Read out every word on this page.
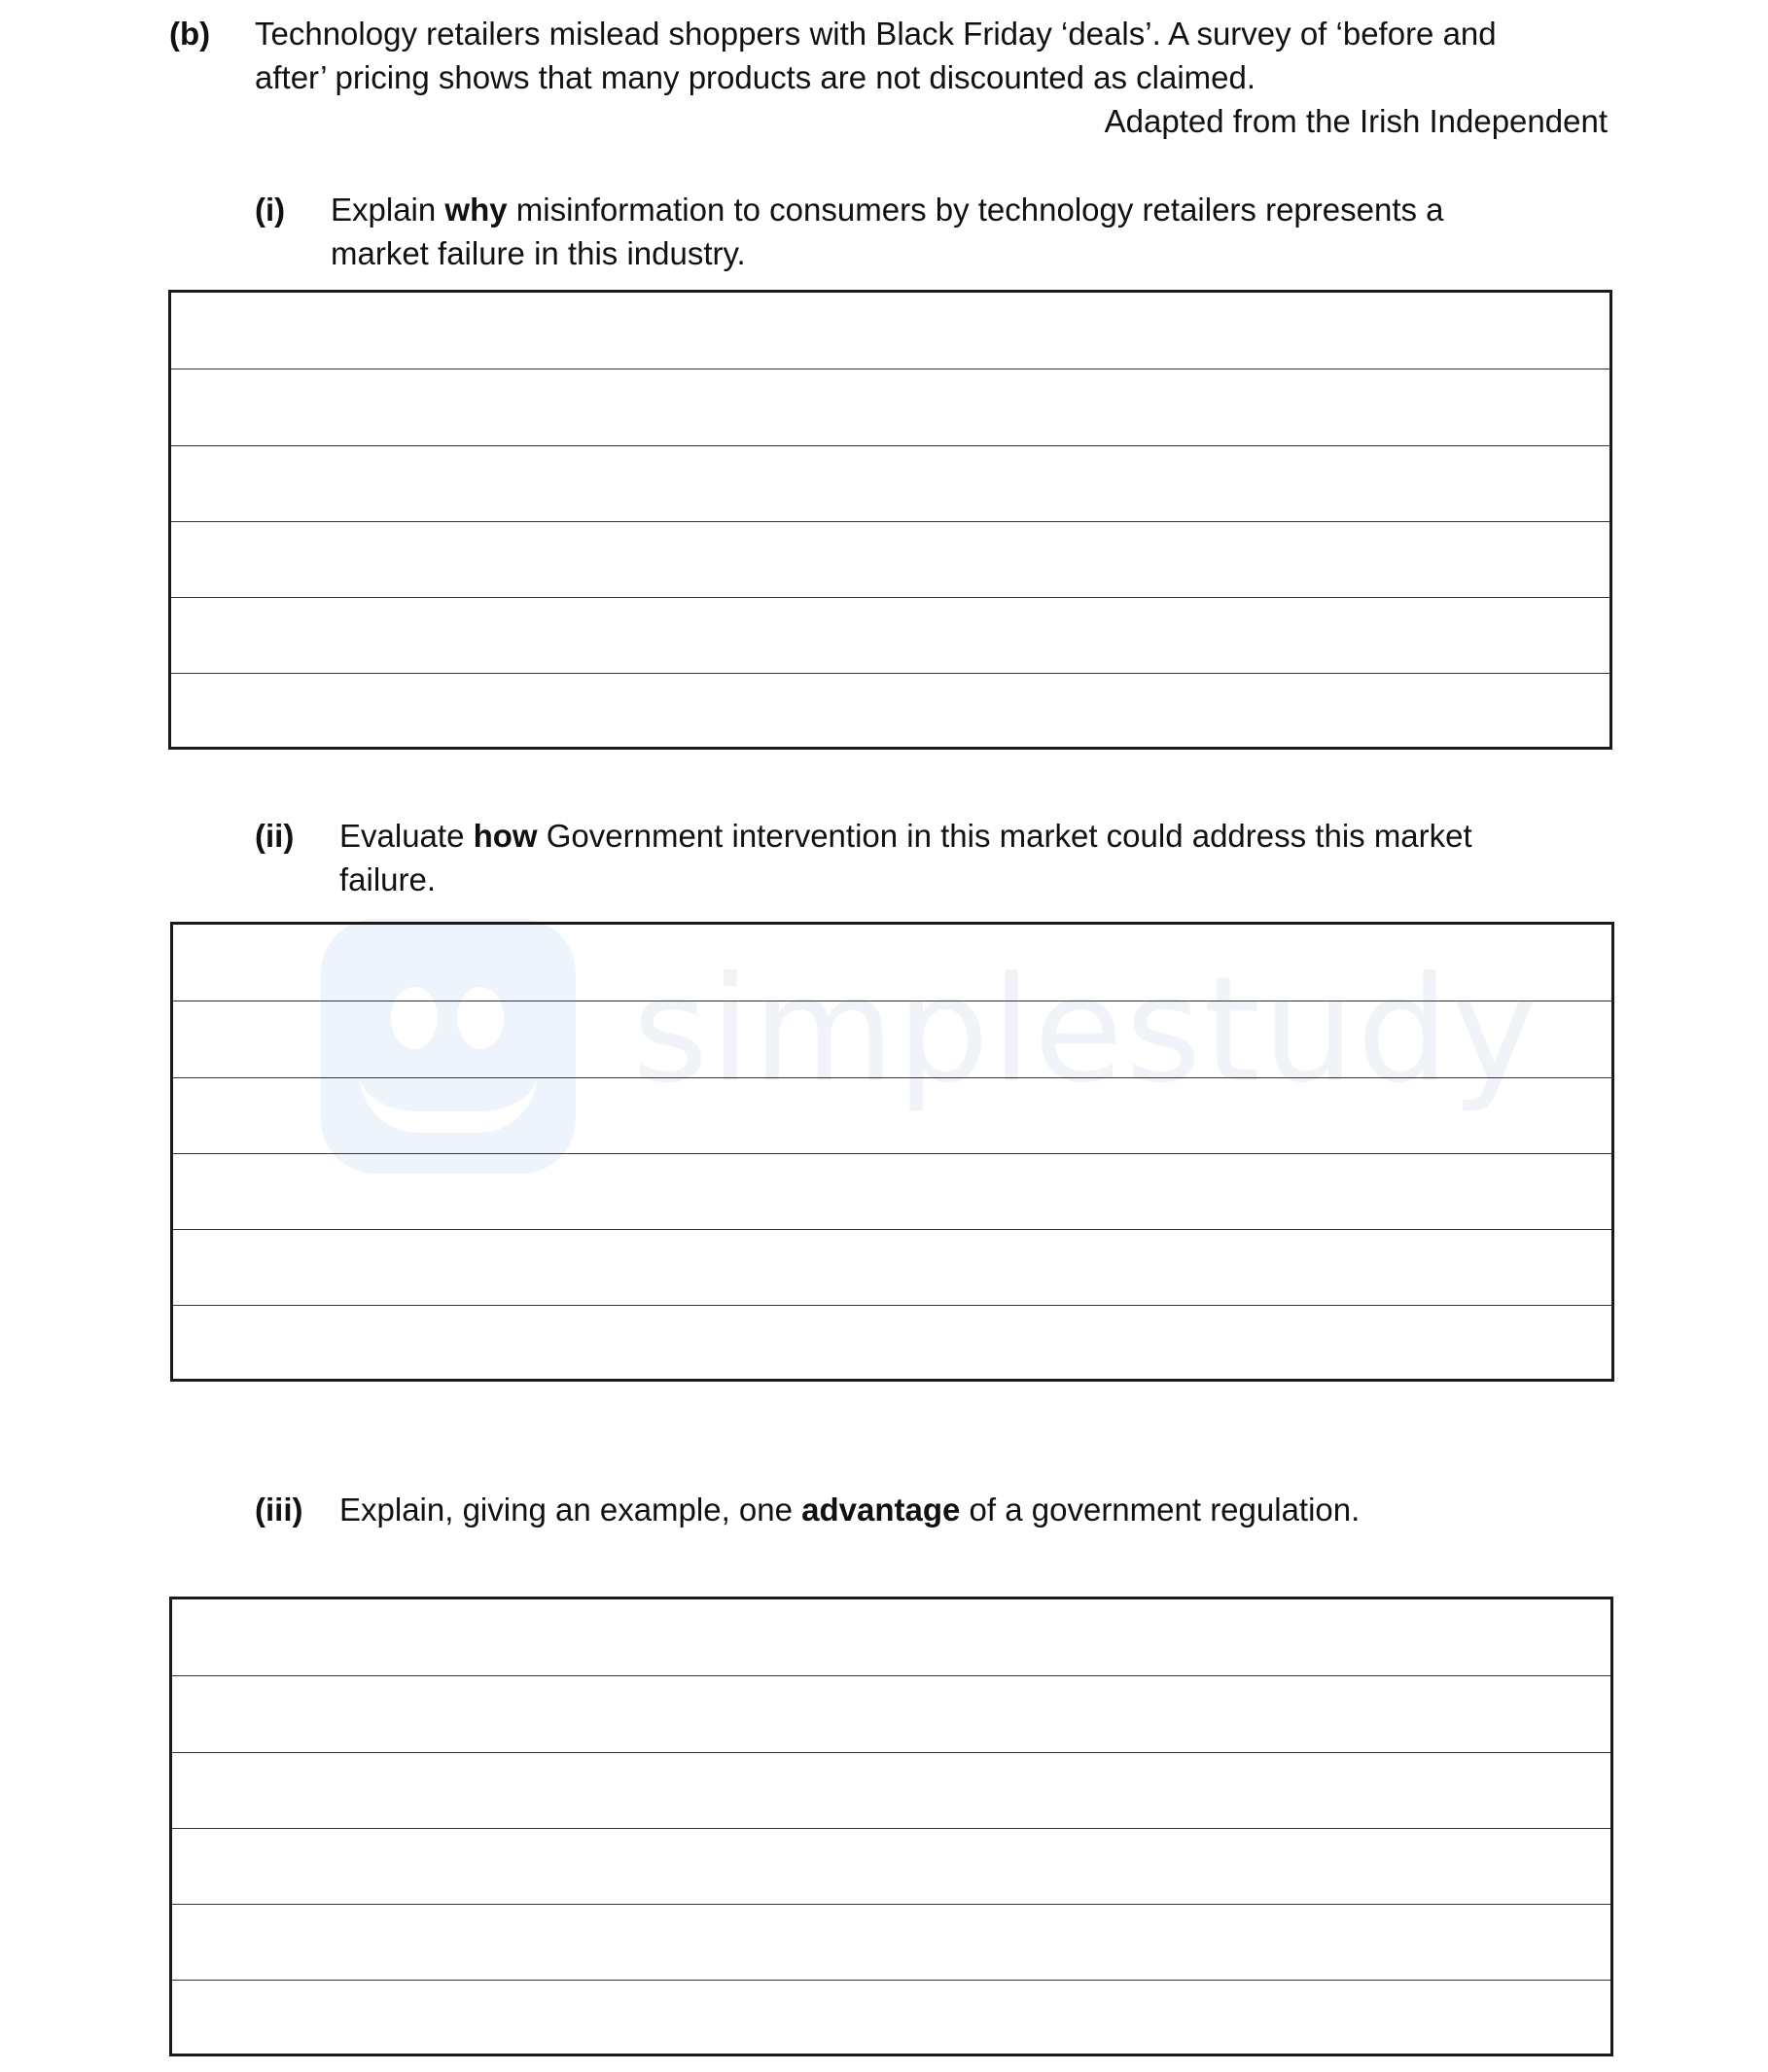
(b) Technology retailers mislead shoppers with Black Friday ‘deals’. A survey of ‘before and
after’ pricing shows that many products are not discounted as claimed.
Adapted from the Irish Independent
(i) Explain why misinformation to consumers by technology retailers represents a
market failure in this industry.
simplestudy
(ii) Evaluate how Government intervention in this market could address this market
failure.
(iii) Explain, giving an example, one advantage of a government regulation.
